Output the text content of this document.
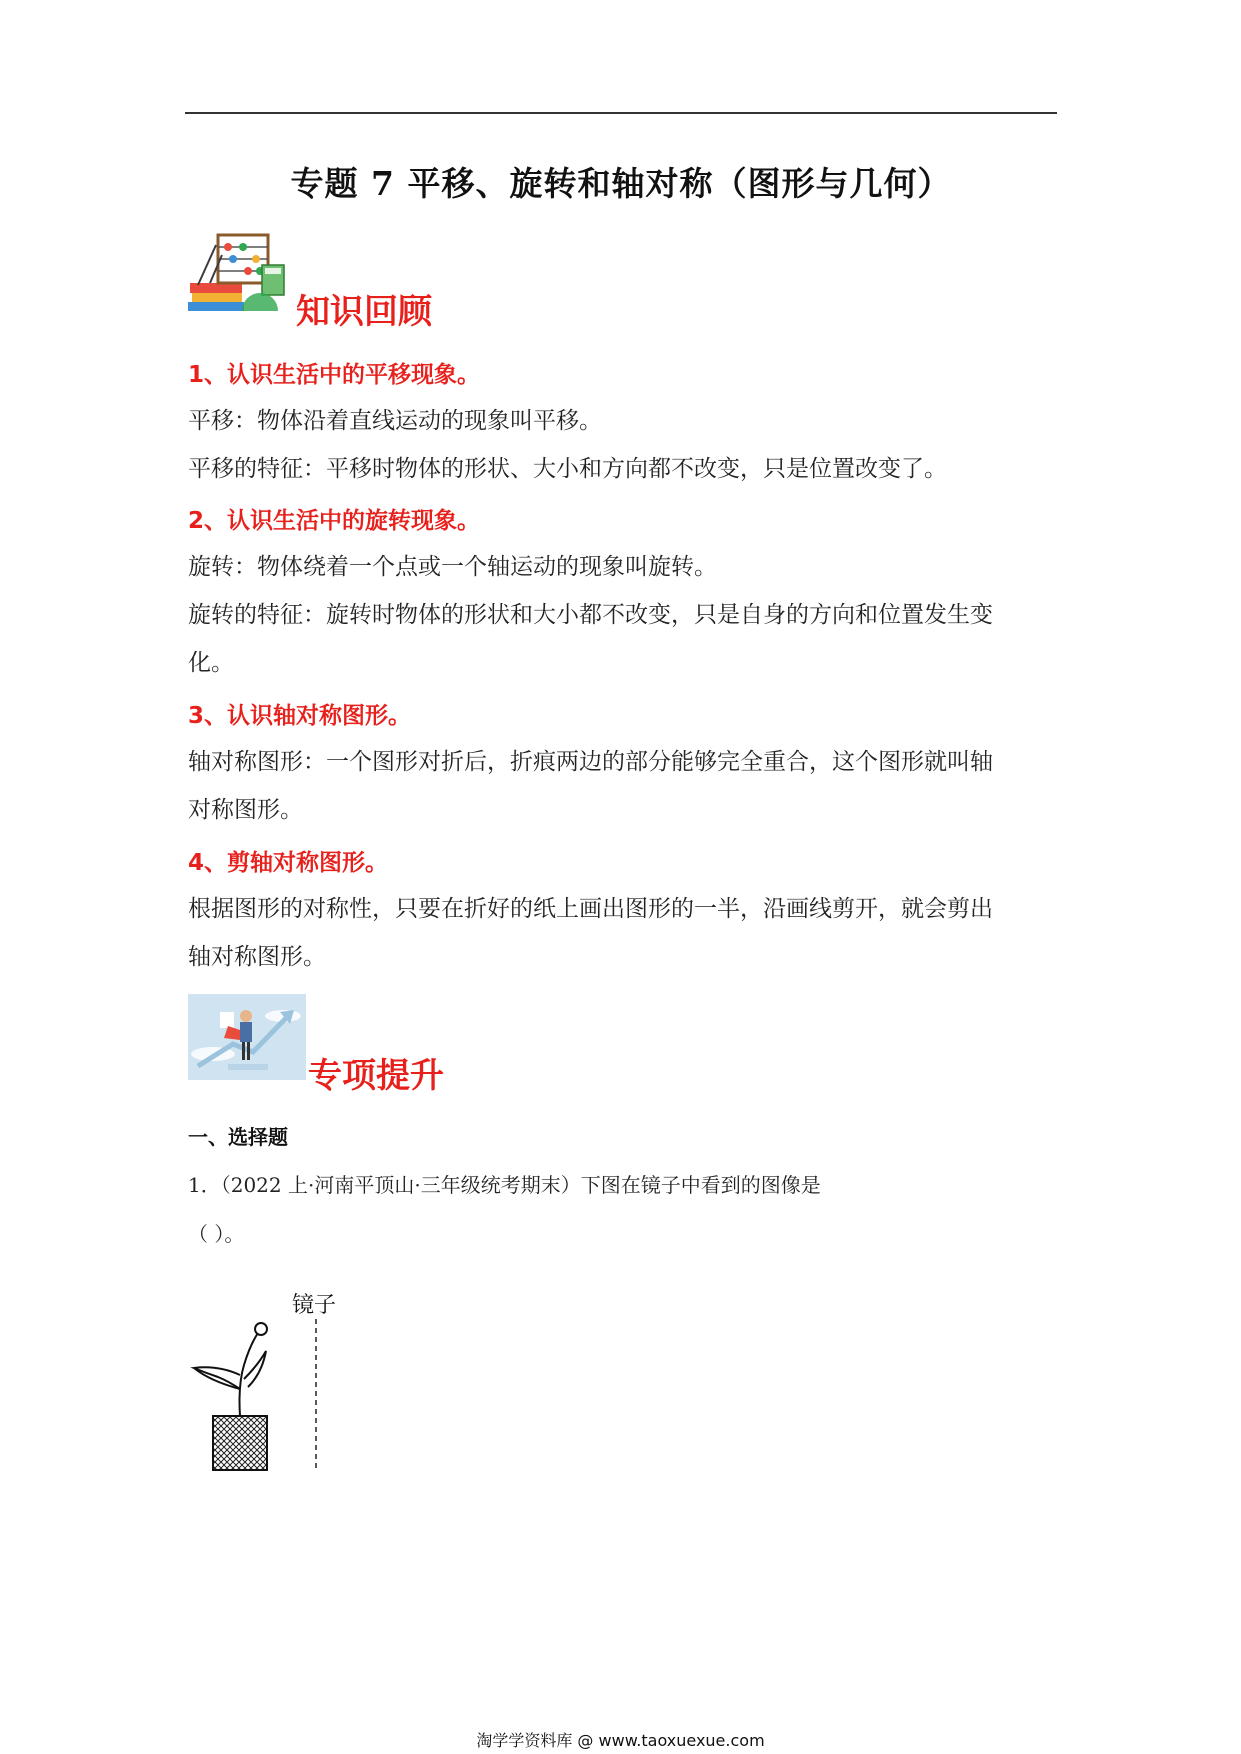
专题 7 平移、旋转和轴对称（图形与几何）
知识回顾
1、认识生活中的平移现象。
平移：物体沿着直线运动的现象叫平移。
平移的特征：平移时物体的形状、大小和方向都不改变，只是位置改变了。
2、认识生活中的旋转现象。
旋转：物体绕着一个点或一个轴运动的现象叫旋转。
旋转的特征：旋转时物体的形状和大小都不改变，只是自身的方向和位置发生变
化。
3、认识轴对称图形。
轴对称图形：一个图形对折后，折痕两边的部分能够完全重合，这个图形就叫轴
对称图形。
4、剪轴对称图形。
根据图形的对称性，只要在折好的纸上画出图形的一半，沿画线剪开，就会剪出
轴对称图形。
专项提升
一、选择题
1．（2022 上·河南平顶山·三年级统考期末）下图在镜子中看到的图像是
（ ）。
镜子
淘学学资料库 @ www.taoxuexue.com
